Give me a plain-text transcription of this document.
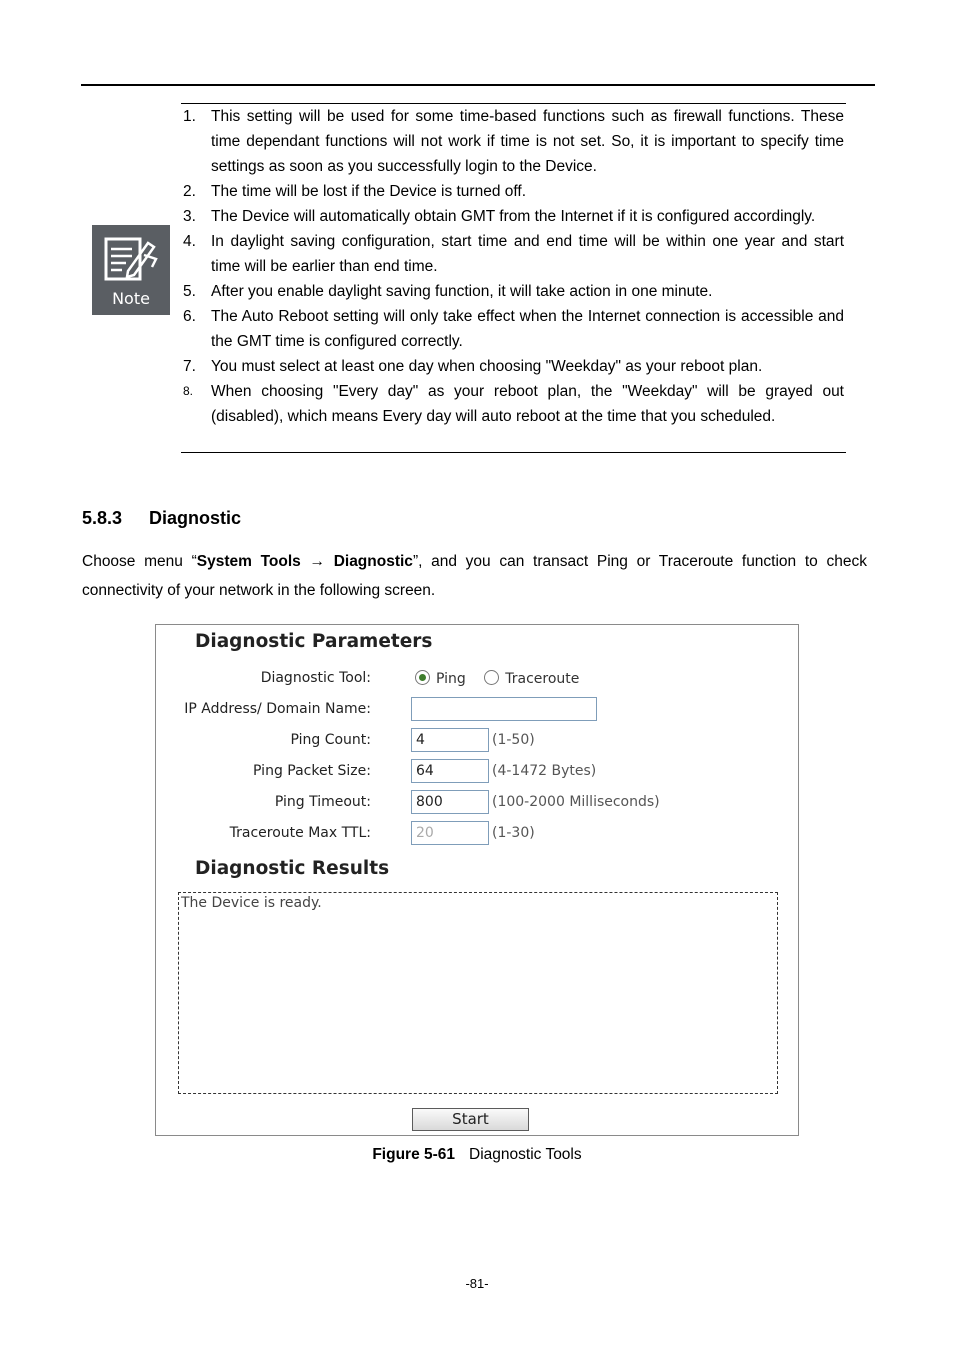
Note
1. This setting will be used for some time-based functions such as firewall functions. These time dependant functions will not work if time is not set. So, it is important to specify time settings as soon as you successfully login to the Device.
2. The time will be lost if the Device is turned off.
3. The Device will automatically obtain GMT from the Internet if it is configured accordingly.
4. In daylight saving configuration, start time and end time will be within one year and start time will be earlier than end time.
5. After you enable daylight saving function, it will take action in one minute.
6. The Auto Reboot setting will only take effect when the Internet connection is accessible and the GMT time is configured correctly.
7. You must select at least one day when choosing "Weekday" as your reboot plan.
8. When choosing "Every day" as your reboot plan, the "Weekday" will be grayed out (disabled), which means Every day will auto reboot at the time that you scheduled.
5.8.3 Diagnostic
Choose menu “System Tools → Diagnostic”, and you can transact Ping or Traceroute function to check connectivity of your network in the following screen.
Diagnostic Parameters
Diagnostic Tool:	Ping	Traceroute
IP Address/ Domain Name:
Ping Count:	4	(1-50)
Ping Packet Size:	64	(4-1472 Bytes)
Ping Timeout:	800	(100-2000 Milliseconds)
Traceroute Max TTL:	20	(1-30)
Diagnostic Results
The Device is ready.
Start
Figure 5-61 Diagnostic Tools
-81-
